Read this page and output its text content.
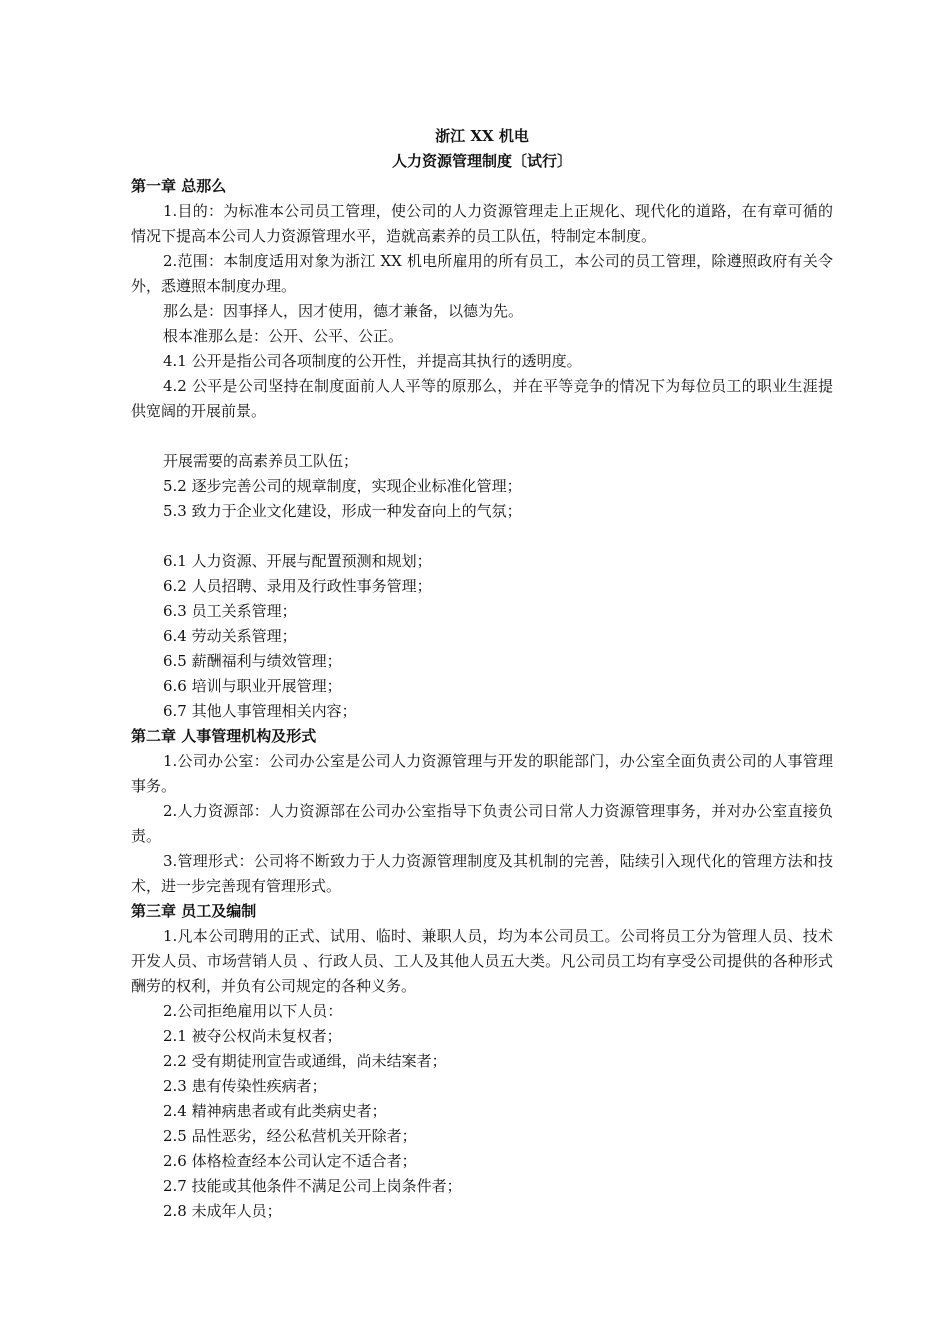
浙江 XX 机电

人力资源管理制度〔试行〕

第一章 总那么

1.目的：为标准本公司员工管理，使公司的人力资源管理走上正规化、现代化的道路，在有章可循的情况下提高本公司人力资源管理水平，造就高素养的员工队伍，特制定本制度。

2.范围：本制度适用对象为浙江 XX 机电所雇用的所有员工，本公司的员工管理，除遵照政府有关令外，悉遵照本制度办理。

那么是：因事择人，因才使用，德才兼备，以德为先。

根本准那么是：公开、公平、公正。

4.1 公开是指公司各项制度的公开性，并提高其执行的透明度。

4.2 公平是公司坚持在制度面前人人平等的原那么，并在平等竞争的情况下为每位员工的职业生涯提供宽阔的开展前景。

开展需要的高素养员工队伍；

5.2 逐步完善公司的规章制度，实现企业标准化管理；

5.3 致力于企业文化建设，形成一种发奋向上的气氛；

6.1 人力资源、开展与配置预测和规划；

6.2 人员招聘、录用及行政性事务管理；

6.3 员工关系管理；

6.4 劳动关系管理；

6.5 薪酬福利与绩效管理；

6.6 培训与职业开展管理；

6.7 其他人事管理相关内容；

第二章 人事管理机构及形式

1.公司办公室：公司办公室是公司人力资源管理与开发的职能部门，办公室全面负责公司的人事管理事务。

2.人力资源部：人力资源部在公司办公室指导下负责公司日常人力资源管理事务，并对办公室直接负责。

3.管理形式：公司将不断致力于人力资源管理制度及其机制的完善，陆续引入现代化的管理方法和技术，进一步完善现有管理形式。

第三章 员工及编制

1.凡本公司聘用的正式、试用、临时、兼职人员，均为本公司员工。公司将员工分为管理人员、技术开发人员、市场营销人员 、行政人员、工人及其他人员五大类。凡公司员工均有享受公司提供的各种形式酬劳的权利，并负有公司规定的各种义务。

2.公司拒绝雇用以下人员：

2.1 被夺公权尚未复权者；

2.2 受有期徒刑宣告或通缉，尚未结案者；

2.3 患有传染性疾病者；

2.4 精神病患者或有此类病史者；

2.5 品性恶劣，经公私营机关开除者；

2.6 体格检查经本公司认定不适合者；

2.7 技能或其他条件不满足公司上岗条件者；

2.8 未成年人员；
